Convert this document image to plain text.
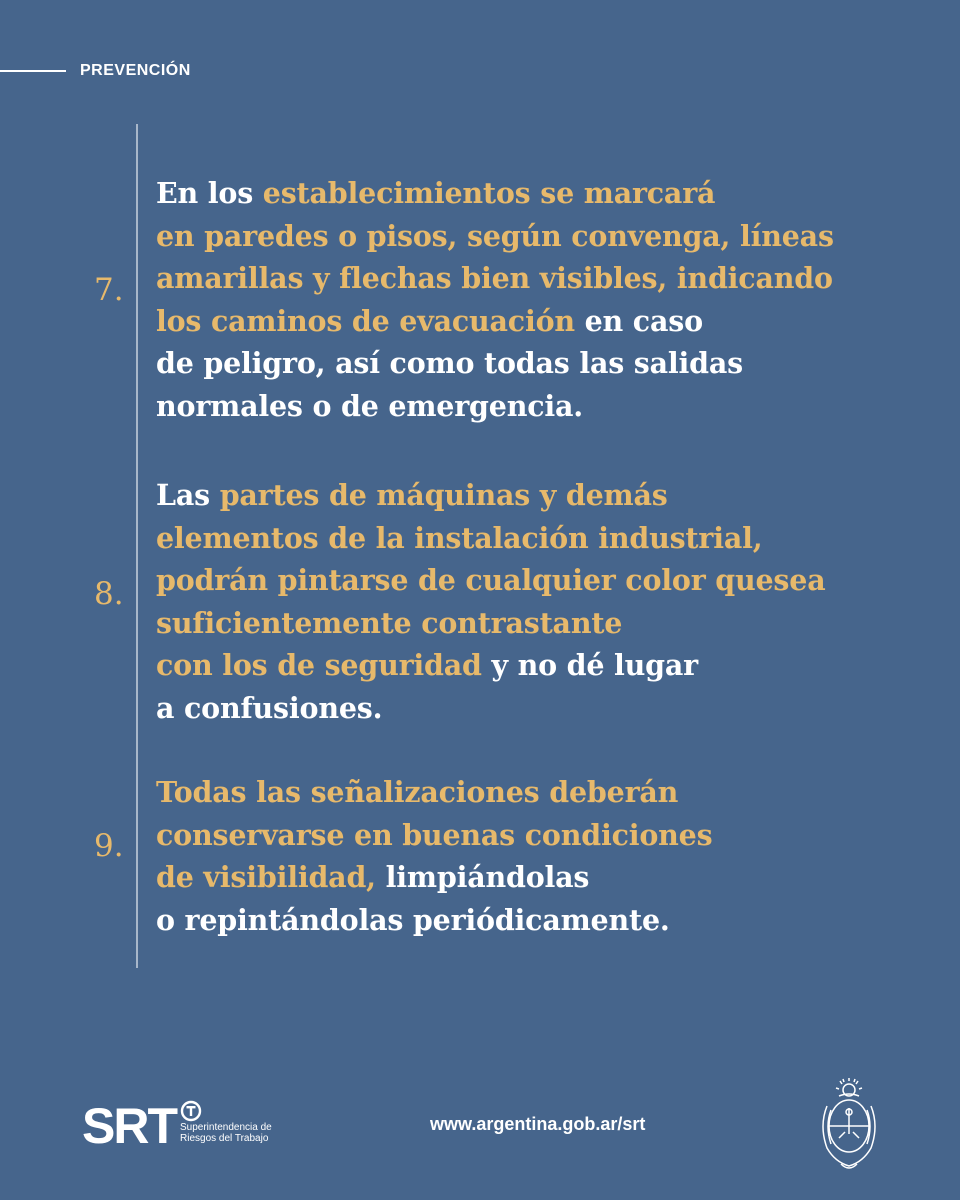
PREVENCIÓN
7.
En los establecimientos se marcará
en paredes o pisos, según convenga, líneas
amarillas y flechas bien visibles, indicando
los caminos de evacuación en caso
de peligro, así como todas las salidas
normales o de emergencia.
8.
Las partes de máquinas y demás
elementos de la instalación industrial,
podrán pintarse de cualquier color quesea
suficientemente contrastante
con los de seguridad y no dé lugar
a confusiones.
9.
Todas las señalizaciones deberán
conservarse en buenas condiciones
de visibilidad, limpiándolas
o repintándolas periódicamente.
SRT Superintendencia de
Riesgos del Trabajo
www.argentina.gob.ar/srt
